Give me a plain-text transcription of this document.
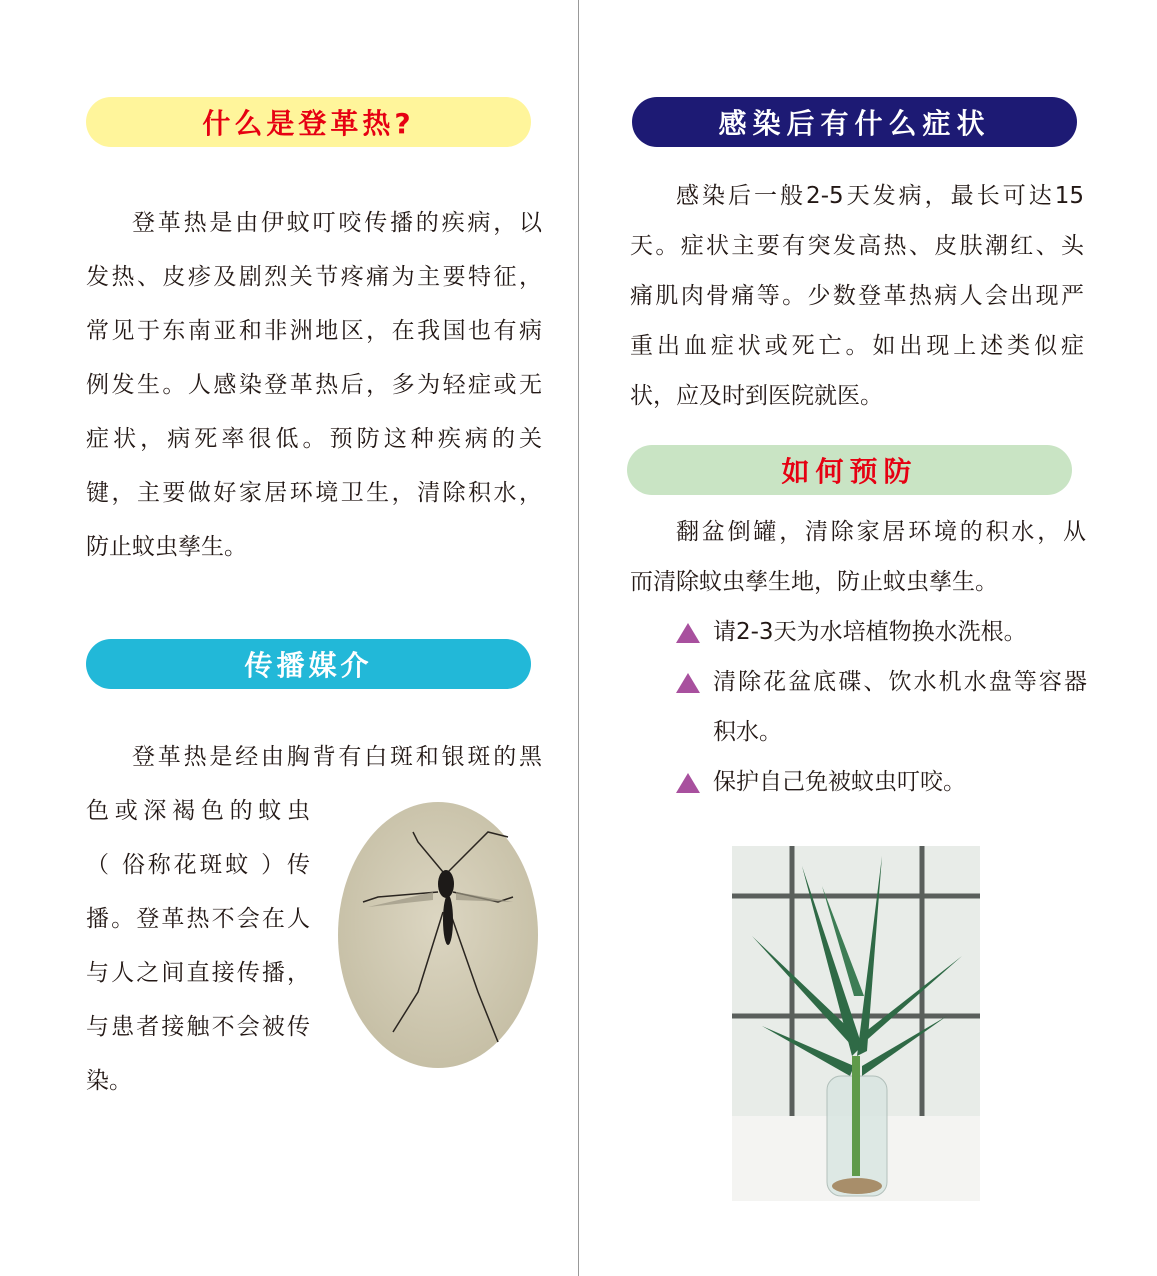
什么是登革热?
登革热是由伊蚊叮咬传播的疾病，以
发热、皮疹及剧烈关节疼痛为主要特征，
常见于东南亚和非洲地区，在我国也有病
例发生。人感染登革热后，多为轻症或无
症状，病死率很低。预防这种疾病的关
键，主要做好家居环境卫生，清除积水，
防止蚊虫孳生。
传播媒介
登革热是经由胸背有白斑和银斑的黑
色或深褐色的蚊虫
（ 俗称花斑蚊 ）传
播。登革热不会在人
与人之间直接传播，
与患者接触不会被传
染。
感染后有什么症状
感染后一般2-5天发病，最长可达15
天。症状主要有突发高热、皮肤潮红、头
痛肌肉骨痛等。少数登革热病人会出现严
重出血症状或死亡。如出现上述类似症
状，应及时到医院就医。
如何预防
翻盆倒罐，清除家居环境的积水，从
而清除蚊虫孳生地，防止蚊虫孳生。
请2-3天为水培植物换水洗根。
清除花盆底碟、饮水机水盘等容器
积水。
保护自己免被蚊虫叮咬。
